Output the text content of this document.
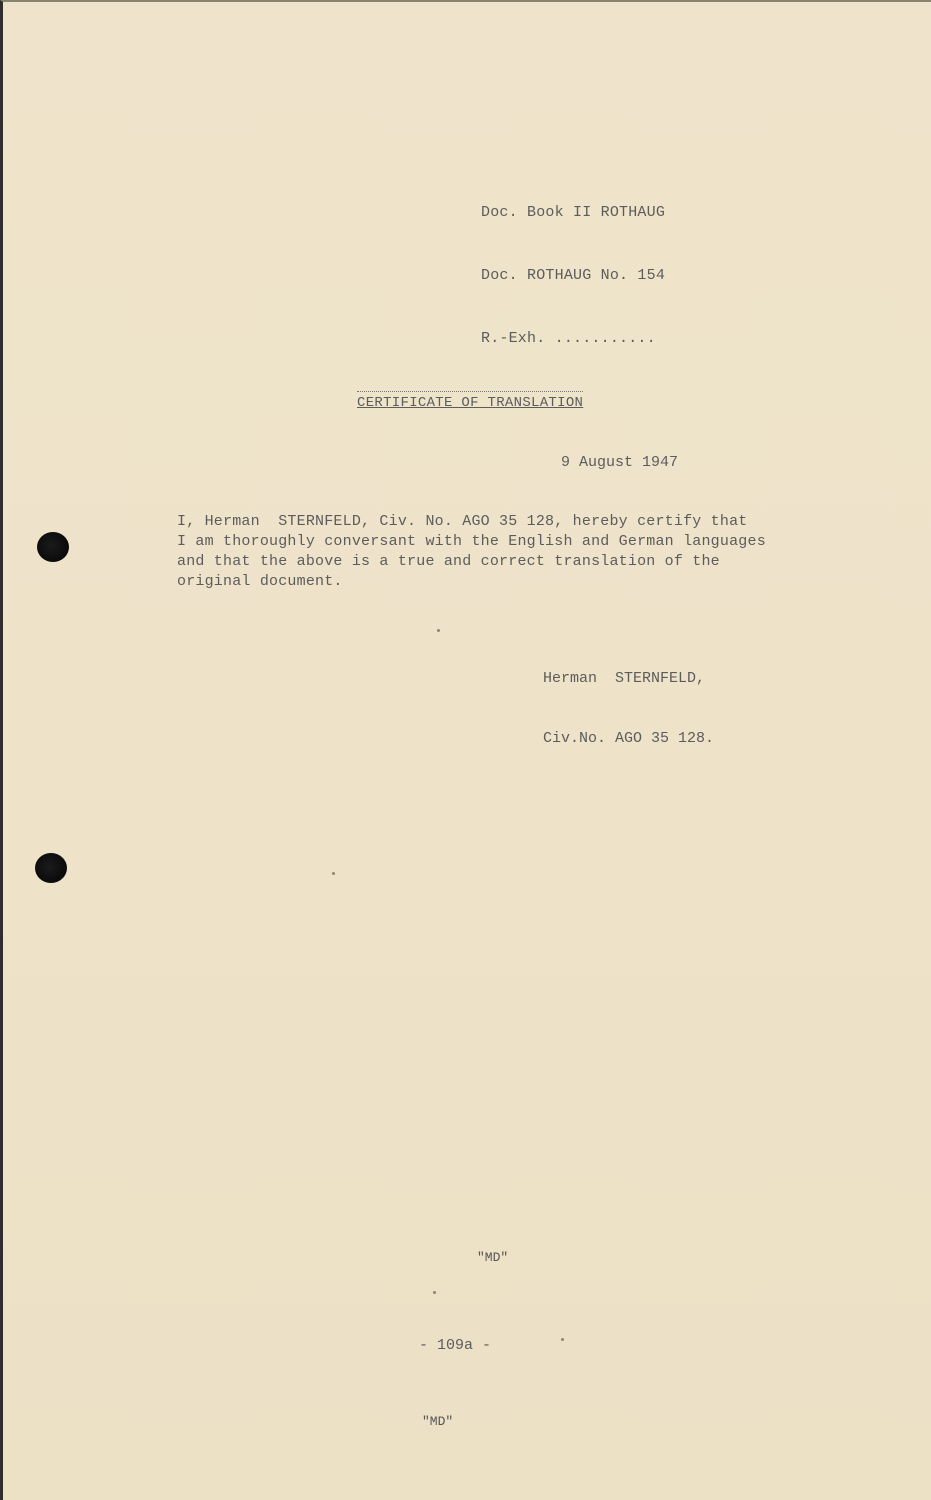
Doc. Book II ROTHAUG

Doc. ROTHAUG No. 154

R.-Exh. ...........

CERTIFICATE OF TRANSLATION
9 August 1947
I, Herman  STERNFELD, Civ. No. AGO 35 128, hereby certify that
I am thoroughly conversant with the English and German languages
and that the above is a true and correct translation of the
original document.

Herman  STERNFELD,

Civ.No. AGO 35 128.

"MD"
- 109a -
"MD"
